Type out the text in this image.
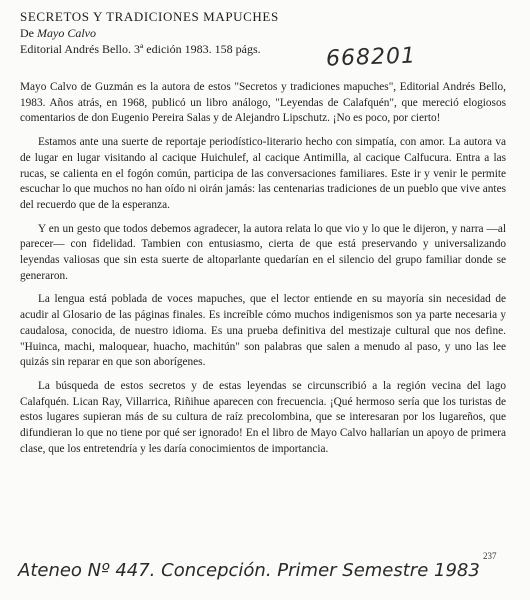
SECRETOS Y TRADICIONES MAPUCHES
De Mayo Calvo
Editorial Andrés Bello. 3ª edición 1983. 158 págs.	668201

Mayo Calvo de Guzmán es la autora de estos "Secretos y tradiciones mapuches", Editorial Andrés Bello, 1983. Años atrás, en 1968, publicó un libro análogo, "Leyendas de Calafquén", que mereció elogiosos comentarios de don Eugenio Pereira Salas y de Alejandro Lipschutz. ¡No es poco, por cierto!

Estamos ante una suerte de reportaje periodístico-literario hecho con simpatía, con amor. La autora va de lugar en lugar visitando al cacique Huichulef, al cacique Antimilla, al cacique Calfucura. Entra a las rucas, se calienta en el fogón común, participa de las conversaciones familiares. Este ir y venir le permite escuchar lo que muchos no han oído ni oirán jamás: las centenarias tradiciones de un pueblo que vive antes del recuerdo que de la esperanza.

Y en un gesto que todos debemos agradecer, la autora relata lo que vio y lo que le dijeron, y narra —al parecer— con fidelidad. Tambien con entusiasmo, cierta de que está preservando y universalizando leyendas valiosas que sin esta suerte de altoparlante quedarían en el silencio del grupo familiar donde se generaron.

La lengua está poblada de voces mapuches, que el lector entiende en su mayoría sin necesidad de acudir al Glosario de las páginas finales. Es increíble cómo muchos indigenismos son ya parte necesaria y caudalosa, conocida, de nuestro idioma. Es una prueba definitiva del mestizaje cultural que nos define. "Huinca, machi, maloquear, huacho, machitún" son palabras que salen a menudo al paso, y uno las lee quizás sin reparar en que son aborígenes.

La búsqueda de estos secretos y de estas leyendas se circunscribió a la región vecina del lago Calafquén. Lican Ray, Villarrica, Riñihue aparecen con frecuencia. ¡Qué hermoso sería que los turistas de estos lugares supieran más de su cultura de raíz precolombina, que se interesaran por los lugareños, que difundieran lo que no tiene por qué ser ignorado! En el libro de Mayo Calvo hallarían un apoyo de primera clase, que los entretendría y les daría conocimientos de importancia.

Ateneo Nº 447. Concepción. Primer Semestre 1983
237
